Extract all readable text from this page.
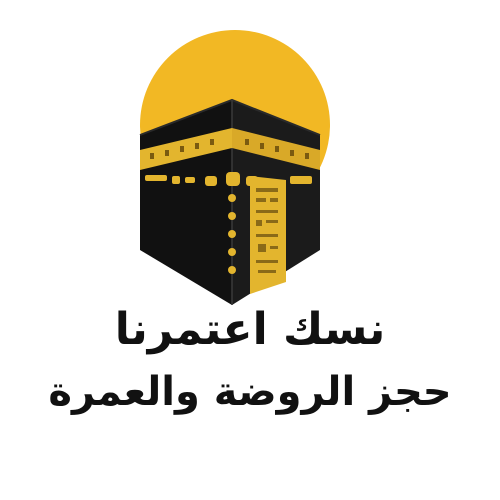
نسك اعتمرنا
حجز الروضة والعمرة
